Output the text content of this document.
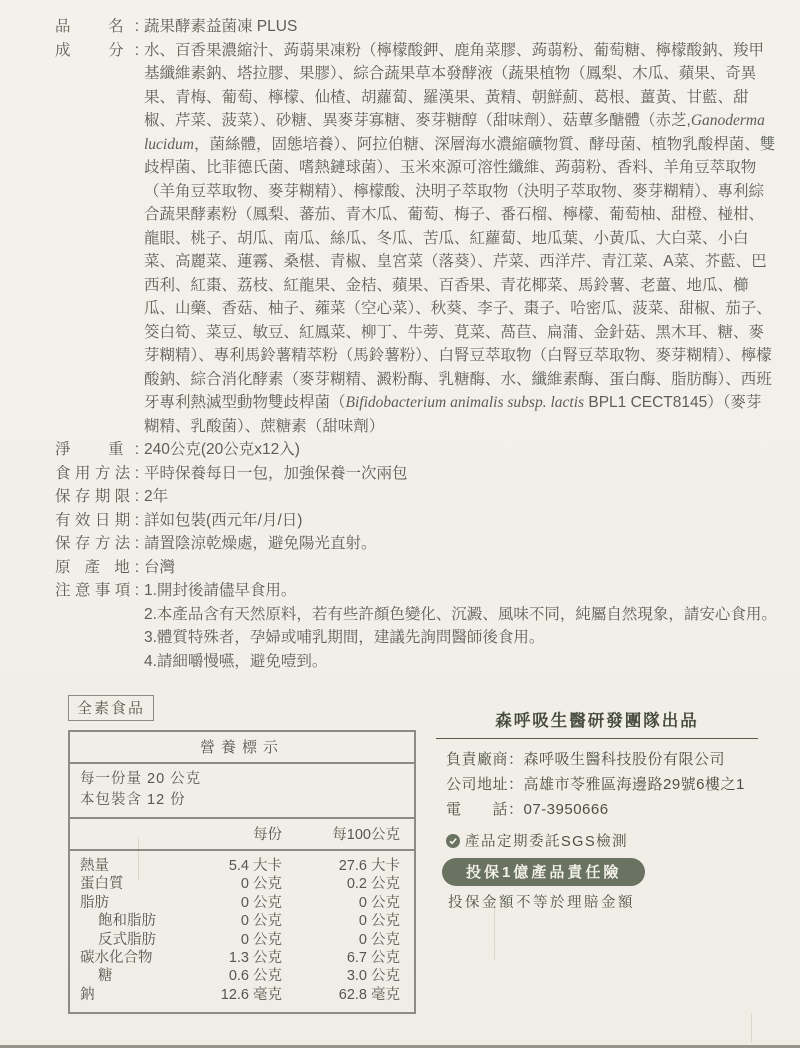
品　名: 蔬果酵素益菌凍 PLUS
成　分: 水、百香果濃縮汁、蒟蒻果凍粉（檸檬酸鉀、鹿角菜膠、蒟蒻粉、葡萄糖、檸檬酸鈉、羧甲基纖維素鈉、塔拉膠、果膠）、綜合蔬果草本發酵液（蔬果植物（鳳梨、木瓜、蘋果、奇異果、青梅、葡萄、檸檬、仙楂、胡蘿蔔、羅漢果、黃精、朝鮮薊、葛根、薑黃、甘藍、甜椒、芹菜、菠菜）、砂糖、異麥芽寡糖、麥芽糖醇（甜味劑）、菇蕈多醣體（赤芝,Ganoderma lucidum，菌絲體，固態培養）、阿拉伯糖、深層海水濃縮礦物質、酵母菌、植物乳酸桿菌、雙歧桿菌、比菲德氏菌、嗜熱鏈球菌）、玉米來源可溶性纖維、蒟蒻粉、香料、羊角豆萃取物（羊角豆萃取物、麥芽糊精）、檸檬酸、決明子萃取物（決明子萃取物、麥芽糊精）、專利綜合蔬果酵素粉（鳳梨、蕃茄、青木瓜、葡萄、梅子、番石榴、檸檬、葡萄柚、甜橙、椪柑、龍眼、桃子、胡瓜、南瓜、絲瓜、冬瓜、苦瓜、紅蘿蔔、地瓜葉、小黃瓜、大白菜、小白菜、高麗菜、蓮霧、桑椹、青椒、皇宮菜（落葵）、芹菜、西洋芹、青江菜、A菜、芥藍、巴西利、紅棗、荔枝、紅龍果、金桔、蘋果、百香果、青花椰菜、馬鈴薯、老薑、地瓜、櫛瓜、山藥、香菇、柚子、蕹菜（空心菜）、秋葵、李子、棗子、哈密瓜、菠菜、甜椒、茄子、筊白筍、菜豆、敏豆、紅鳳菜、柳丁、牛蒡、莧菜、萵苣、扁蒲、金針菇、黑木耳、糖、麥芽糊精）、專利馬鈴薯精萃粉（馬鈴薯粉）、白腎豆萃取物（白腎豆萃取物、麥芽糊精）、檸檬酸鈉、綜合消化酵素（麥芽糊精、澱粉酶、乳糖酶、水、纖維素酶、蛋白酶、脂肪酶）、西班牙專利熱滅型動物雙歧桿菌（Bifidobacterium animalis subsp. lactis BPL1 CECT8145）（麥芽糊精、乳酸菌）、蔗糖素（甜味劑）
淨　重: 240公克(20公克x12入)
食用方法: 平時保養每日一包，加強保養一次兩包
保存期限: 2年
有效日期: 詳如包裝(西元年/月/日)
保存方法: 請置陰涼乾燥處，避免陽光直射。
原 產 地: 台灣
注意事項: 1.開封後請儘早食用。
2.本產品含有天然原料，若有些許顏色變化、沉澱、風味不同，純屬自然現象，請安心食用。
3.體質特殊者，孕婦或哺乳期間，建議先詢問醫師後食用。
4.請細嚼慢嚥，避免噎到。
全素食品
營養標示
每一份量 20 公克
本包裝含 12 份
每份	每100公克
熱量	5.4 大卡	27.6 大卡
蛋白質	0 公克	0.2 公克
脂肪	0 公克	0 公克
飽和脂肪	0 公克	0 公克
反式脂肪	0 公克	0 公克
碳水化合物	1.3 公克	6.7 公克
糖	0.6 公克	3.0 公克
鈉	12.6 毫克	62.8 毫克
森呼吸生醫研發團隊出品
負責廠商：森呼吸生醫科技股份有限公司
公司地址：高雄市苓雅區海邊路29號6樓之1
電　　話：07-3950666
產品定期委託SGS檢測
投保1億產品責任險
投保金額不等於理賠金額
